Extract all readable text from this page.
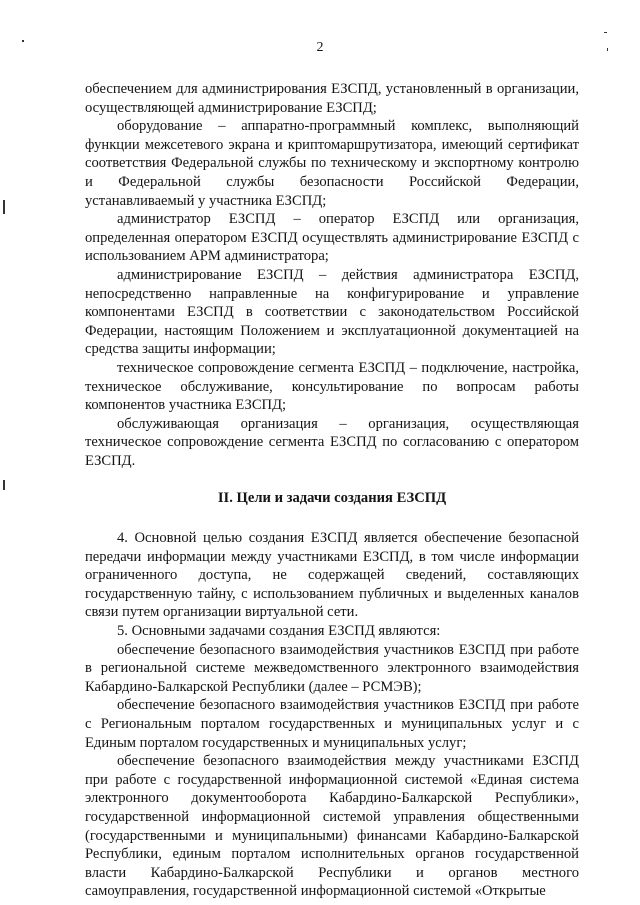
2

обеспечением для администрирования ЕЗСПД, установленный в организации, осуществляющей администрирование ЕЗСПД;

оборудование – аппаратно-программный комплекс, выполняющий функции межсетевого экрана и криптомаршрутизатора, имеющий сертификат соответствия Федеральной службы по техническому и экспортному контролю и Федеральной службы безопасности Российской Федерации, устанавливаемый у участника ЕЗСПД;

администратор ЕЗСПД – оператор ЕЗСПД или организация, определенная оператором ЕЗСПД осуществлять администрирование ЕЗСПД с использованием АРМ администратора;

администрирование ЕЗСПД – действия администратора ЕЗСПД, непосредственно направленные на конфигурирование и управление компонентами ЕЗСПД в соответствии с законодательством Российской Федерации, настоящим Положением и эксплуатационной документацией на средства защиты информации;

техническое сопровождение сегмента ЕЗСПД – подключение, настройка, техническое обслуживание, консультирование по вопросам работы компонентов участника ЕЗСПД;

обслуживающая организация – организация, осуществляющая техническое сопровождение сегмента ЕЗСПД по согласованию с оператором ЕЗСПД.

II. Цели и задачи создания ЕЗСПД

4. Основной целью создания ЕЗСПД является обеспечение безопасной передачи информации между участниками ЕЗСПД, в том числе информации ограниченного доступа, не содержащей сведений, составляющих государственную тайну, с использованием публичных и выделенных каналов связи путем организации виртуальной сети.

5. Основными задачами создания ЕЗСПД являются:

обеспечение безопасного взаимодействия участников ЕЗСПД при работе в региональной системе межведомственного электронного взаимодействия Кабардино-Балкарской Республики (далее – РСМЭВ);

обеспечение безопасного взаимодействия участников ЕЗСПД при работе с Региональным порталом государственных и муниципальных услуг и с Единым порталом государственных и муниципальных услуг;

обеспечение безопасного взаимодействия между участниками ЕЗСПД при работе с государственной информационной системой «Единая система электронного документооборота Кабардино-Балкарской Республики», государственной информационной системой управления общественными (государственными и муниципальными) финансами Кабардино-Балкарской Республики, единым порталом исполнительных органов государственной власти Кабардино-Балкарской Республики и органов местного самоуправления, государственной информационной системой «Открытые
